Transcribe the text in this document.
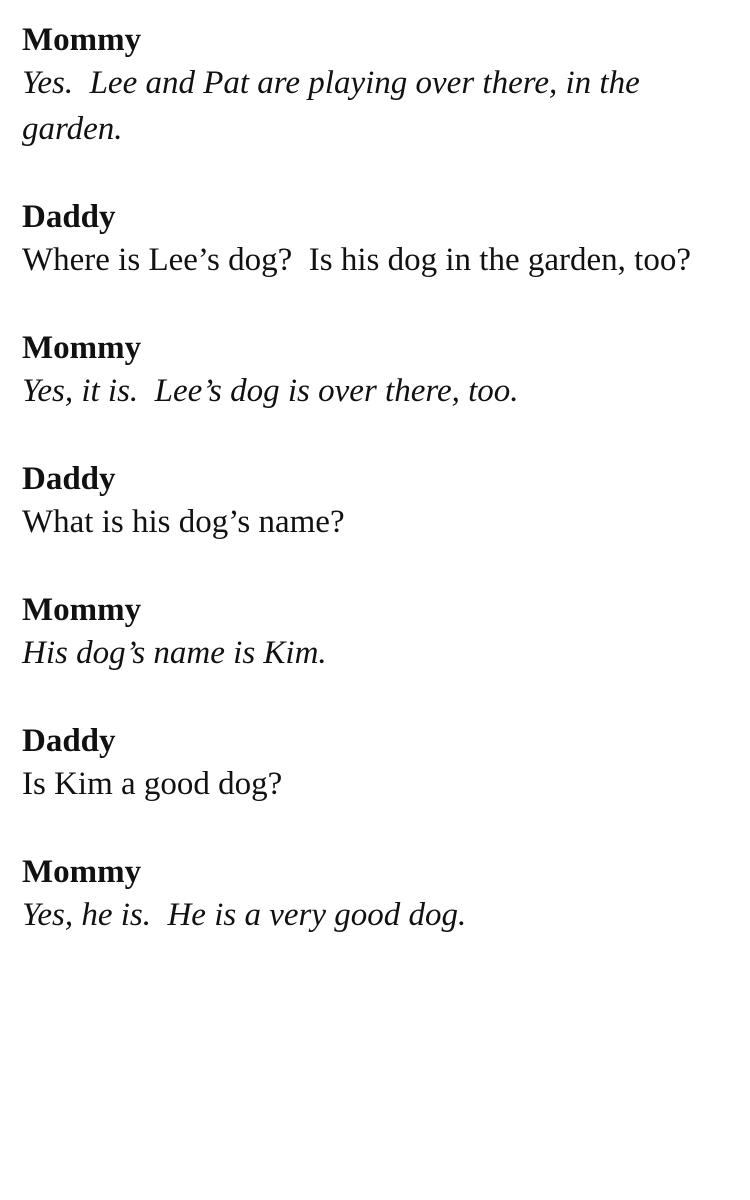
Mommy

Yes.  Lee and Pat are playing over there, in the garden.

Daddy

Where is Lee’s dog?  Is his dog in the garden, too?

Mommy

Yes, it is.  Lee’s dog is over there, too.

Daddy

What is his dog’s name?

Mommy

His dog’s name is Kim.

Daddy

Is Kim a good dog?

Mommy

Yes, he is.  He is a very good dog.
